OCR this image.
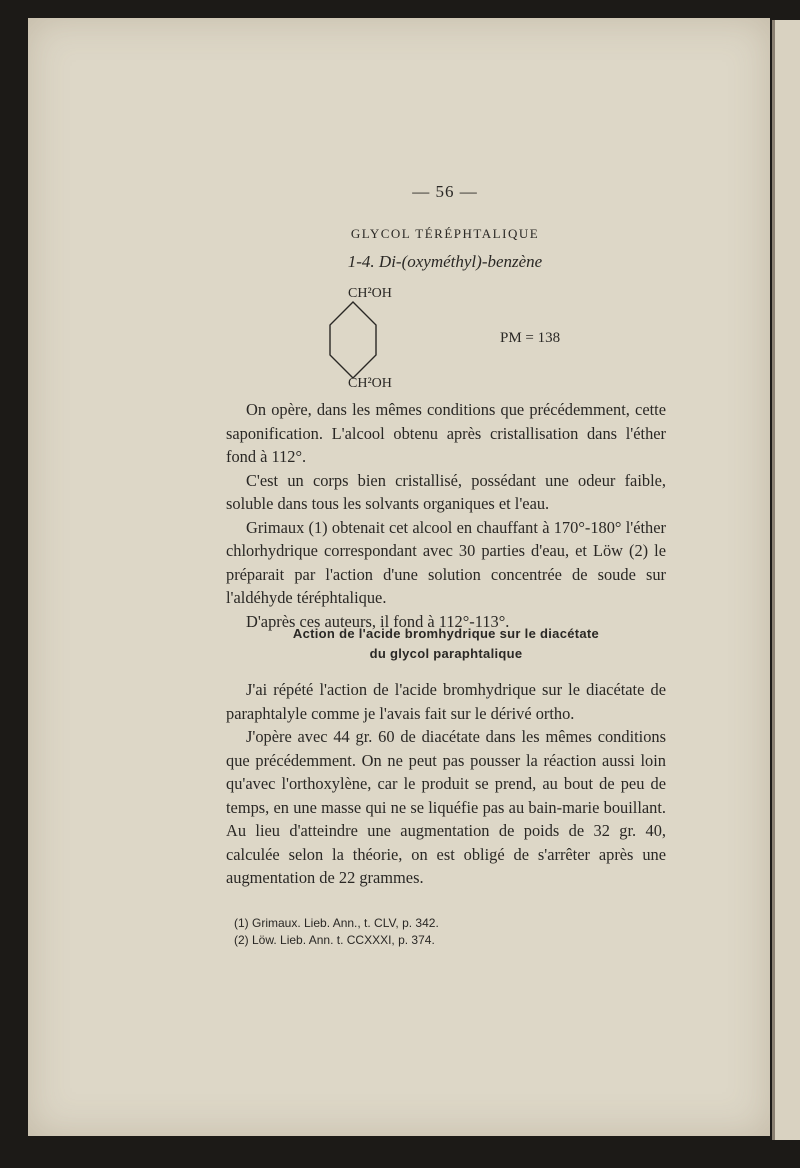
— 56 —
GLYCOL TÉRÉPHTALIQUE
1-4. Di-(oxyméthyl)-benzène
CH²OH
CH²OH
PM = 138

On opère, dans les mêmes conditions que précédemment, cette saponification. L'alcool obtenu après cristallisation dans l'éther fond à 112°.

C'est un corps bien cristallisé, possédant une odeur faible, soluble dans tous les solvants organiques et l'eau.

Grimaux (1) obtenait cet alcool en chauffant à 170°-180° l'éther chlorhydrique correspondant avec 30 parties d'eau, et Löw (2) le préparait par l'action d'une solution concentrée de soude sur l'aldéhyde téréphtalique.

D'après ces auteurs, il fond à 112°-113°.

Action de l'acide bromhydrique sur le diacétate
du glycol paraphtalique

J'ai répété l'action de l'acide bromhydrique sur le diacétate de paraphtalyle comme je l'avais fait sur le dérivé ortho.

J'opère avec 44 gr. 60 de diacétate dans les mêmes conditions que précédemment. On ne peut pas pousser la réaction aussi loin qu'avec l'orthoxylène, car le produit se prend, au bout de peu de temps, en une masse qui ne se liquéfie pas au bain-marie bouillant. Au lieu d'atteindre une augmentation de poids de 32 gr. 40, calculée selon la théorie, on est obligé de s'arrêter après une augmentation de 22 grammes.

(1) Grimaux. Lieb. Ann., t. CLV, p. 342.
(2) Löw. Lieb. Ann. t. CCXXXI, p. 374.
